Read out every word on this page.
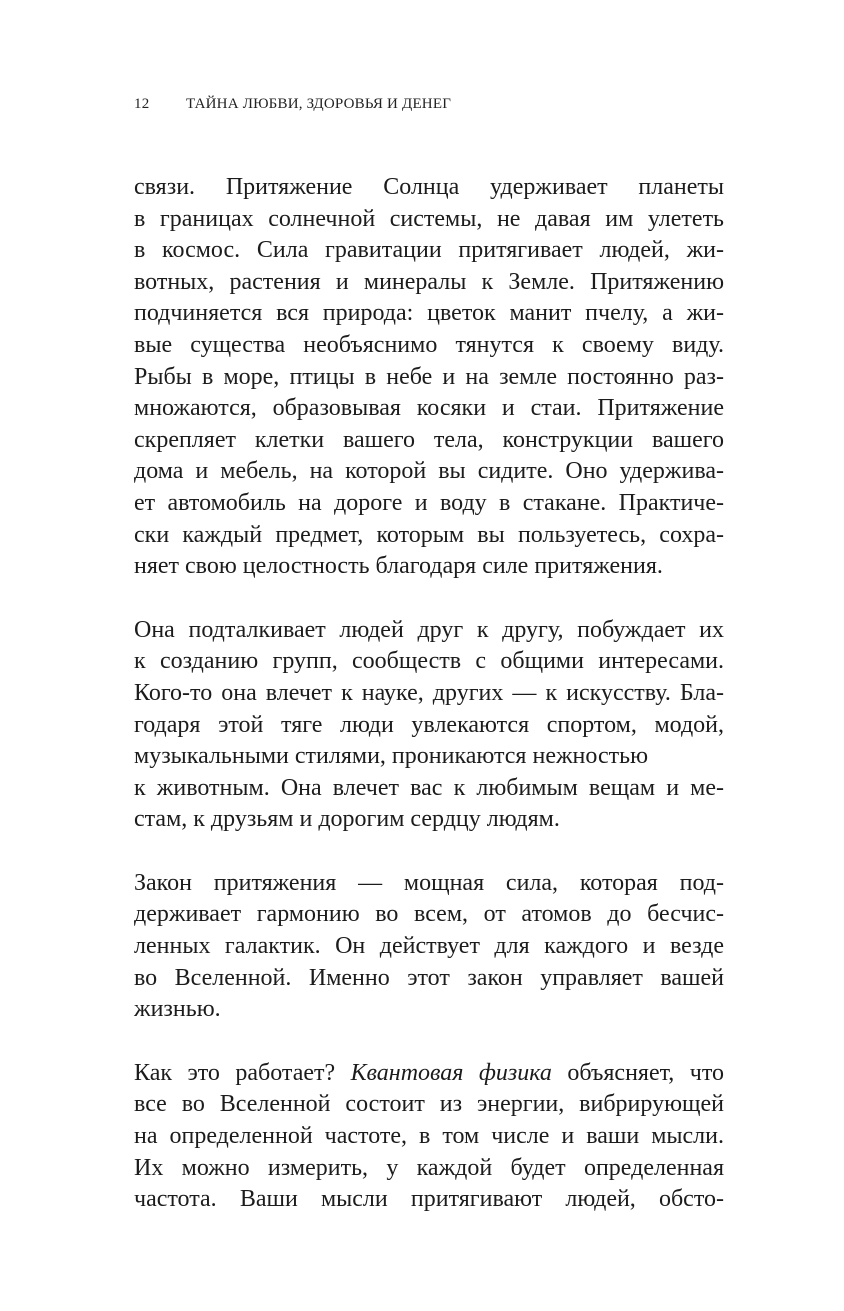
12 ТАЙНА ЛЮБВИ, ЗДОРОВЬЯ И ДЕНЕГ
связи. Притяжение Солнца удерживает планеты
в границах солнечной системы, не давая им улететь
в космос. Сила гравитации притягивает людей, жи-
вотных, растения и минералы к Земле. Притяжению
подчиняется вся природа: цветок манит пчелу, а жи-
вые существа необъяснимо тянутся к своему виду.
Рыбы в море, птицы в небе и на земле постоянно раз-
множаются, образовывая косяки и стаи. Притяжение
скрепляет клетки вашего тела, конструкции вашего
дома и мебель, на которой вы сидите. Оно удержива-
ет автомобиль на дороге и воду в стакане. Практиче-
ски каждый предмет, которым вы пользуетесь, сохра-
няет свою целостность благодаря силе притяжения.
Она подталкивает людей друг к другу, побуждает их
к созданию групп, сообществ с общими интересами.
Кого-то она влечет к науке, других — к искусству. Бла-
годаря этой тяге люди увлекаются спортом, модой,
музыкальными стилями, проникаются нежностью
к животным. Она влечет вас к любимым вещам и ме-
стам, к друзьям и дорогим сердцу людям.
Закон притяжения — мощная сила, которая под-
держивает гармонию во всем, от атомов до бесчис-
ленных галактик. Он действует для каждого и везде
во Вселенной. Именно этот закон управляет вашей
жизнью.
Как это работает? Квантовая физика объясняет, что
все во Вселенной состоит из энергии, вибрирующей
на определенной частоте, в том числе и ваши мысли.
Их можно измерить, у каждой будет определенная
частота. Ваши мысли притягивают людей, обсто-
